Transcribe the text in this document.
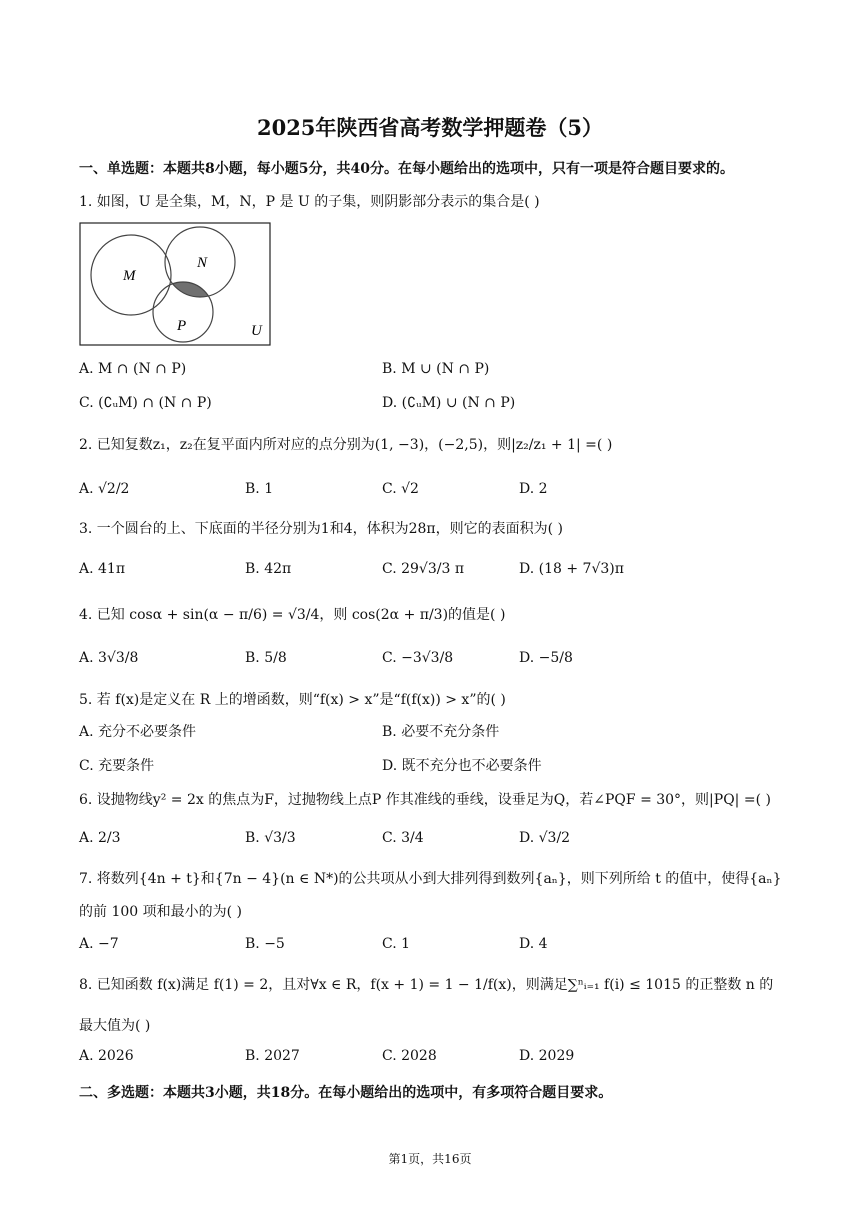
2025年陕西省高考数学押题卷（5）
一、单选题：本题共8小题，每小题5分，共40分。在每小题给出的选项中，只有一项是符合题目要求的。
1. 如图，U 是全集，M，N，P 是 U 的子集，则阴影部分表示的集合是( )
M
N
P	U
A. M ∩ (N ∩ P)	B. M ∪ (N ∩ P)
C. (∁ᵤM) ∩ (N ∩ P)	D. (∁ᵤM) ∪ (N ∩ P)
2. 已知复数z₁，z₂在复平面内所对应的点分别为(1, −3)，(−2,5)，则|z₂/z₁ + 1| =( )
A. √2/2	B. 1	C. √2	D. 2
3. 一个圆台的上、下底面的半径分别为1和4，体积为28π，则它的表面积为( )
A. 41π	B. 42π	C. 29√3/3 π	D. (18 + 7√3)π
4. 已知 cosα + sin(α − π/6) = √3/4，则 cos(2α + π/3)的值是( )
A. 3√3/8	B. 5/8	C. −3√3/8	D. −5/8
5. 若 f(x)是定义在 R 上的增函数，则“f(x) > x”是“f(f(x)) > x”的( )
A. 充分不必要条件	B. 必要不充分条件
C. 充要条件	D. 既不充分也不必要条件
6. 设抛物线y² = 2x 的焦点为F，过抛物线上点P 作其准线的垂线，设垂足为Q，若∠PQF = 30°，则|PQ| =( )
A. 2/3	B. √3/3	C. 3/4	D. √3/2
7. 将数列{4n + t}和{7n − 4}(n ∈ N*)的公共项从小到大排列得到数列{aₙ}，则下列所给 t 的值中，使得{aₙ}
的前 100 项和最小的为( )
A. −7	B. −5	C. 1	D. 4
8. 已知函数 f(x)满足 f(1) = 2，且对∀x ∈ R，f(x + 1) = 1 − 1/f(x)，则满足∑ⁿᵢ₌₁ f(i) ≤ 1015 的正整数 n 的
最大值为( )
A. 2026	B. 2027	C. 2028	D. 2029
二、多选题：本题共3小题，共18分。在每小题给出的选项中，有多项符合题目要求。
第1页，共16页
